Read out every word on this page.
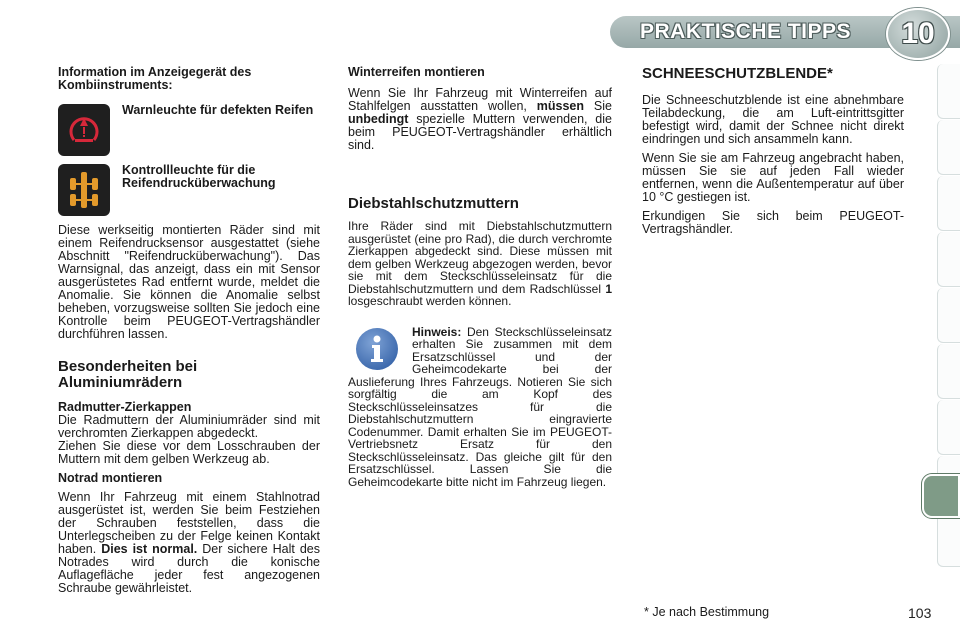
PRAKTISCHE TIPPS	10

Information im Anzeigegerät des Kombiinstruments:

Warnleuchte für defekten Reifen
Kontrollleuchte für die Reifendrucküberwachung

Diese werkseitig montierten Räder sind mit einem Reifendrucksensor ausgestattet (siehe Abschnitt "Reifendrucküberwachung"). Das Warnsignal, das anzeigt, dass ein mit Sensor ausgerüstetes Rad entfernt wurde, meldet die Anomalie. Sie können die Anomalie selbst beheben, vorzugsweise sollten Sie jedoch eine Kontrolle beim PEUGEOT-Vertragshändler durchführen lassen.

Besonderheiten bei Aluminiumrädern

Radmutter-Zierkappen

Die Radmuttern der Aluminiumräder sind mit verchromten Zierkappen abgedeckt.

Ziehen Sie diese vor dem Losschrauben der Muttern mit dem gelben Werkzeug ab.

Notrad montieren

Wenn Ihr Fahrzeug mit einem Stahlnotrad ausgerüstet ist, werden Sie beim Festziehen der Schrauben feststellen, dass die Unterlegscheiben zu der Felge keinen Kontakt haben. Dies ist normal. Der sichere Halt des Notrades wird durch die konische Auflagefläche jeder fest angezogenen Schraube gewährleistet.

Winterreifen montieren

Wenn Sie Ihr Fahrzeug mit Winterreifen auf Stahlfelgen ausstatten wollen, müssen Sie unbedingt spezielle Muttern verwenden, die beim PEUGEOT-Vertragshändler erhältlich sind.

Diebstahlschutzmuttern

Ihre Räder sind mit Diebstahlschutzmuttern ausgerüstet (eine pro Rad), die durch verchromte Zierkappen abgedeckt sind. Diese müssen mit dem gelben Werkzeug abgezogen werden, bevor sie mit dem Steckschlüsseleinsatz für die Diebstahlschutzmuttern und dem Radschlüssel 1 losgeschraubt werden können.

Hinweis: Den Steckschlüsseleinsatz erhalten Sie zusammen mit dem Ersatzschlüssel und der Geheimcodekarte bei der Auslieferung Ihres Fahrzeugs. Notieren Sie sich sorgfältig die am Kopf des Steckschlüsseleinsatzes für die Diebstahlschutzmuttern eingravierte Codenummer. Damit erhalten Sie im PEUGEOT-Vertriebsnetz Ersatz für den Steckschlüsseleinsatz. Das gleiche gilt für den Ersatzschlüssel. Lassen Sie die Geheimcodekarte bitte nicht im Fahrzeug liegen.

SCHNEESCHUTZBLENDE*

Die Schneeschutzblende ist eine abnehmbare Teilabdeckung, die am Luft-eintrittsgitter befestigt wird, damit der Schnee nicht direkt eindringen und sich ansammeln kann.

Wenn Sie sie am Fahrzeug angebracht haben, müssen Sie sie auf jeden Fall wieder entfernen, wenn die Außentemperatur auf über 10 °C gestiegen ist.

Erkundigen Sie sich beim PEUGEOT-Vertragshändler.

* Je nach Bestimmung	103
